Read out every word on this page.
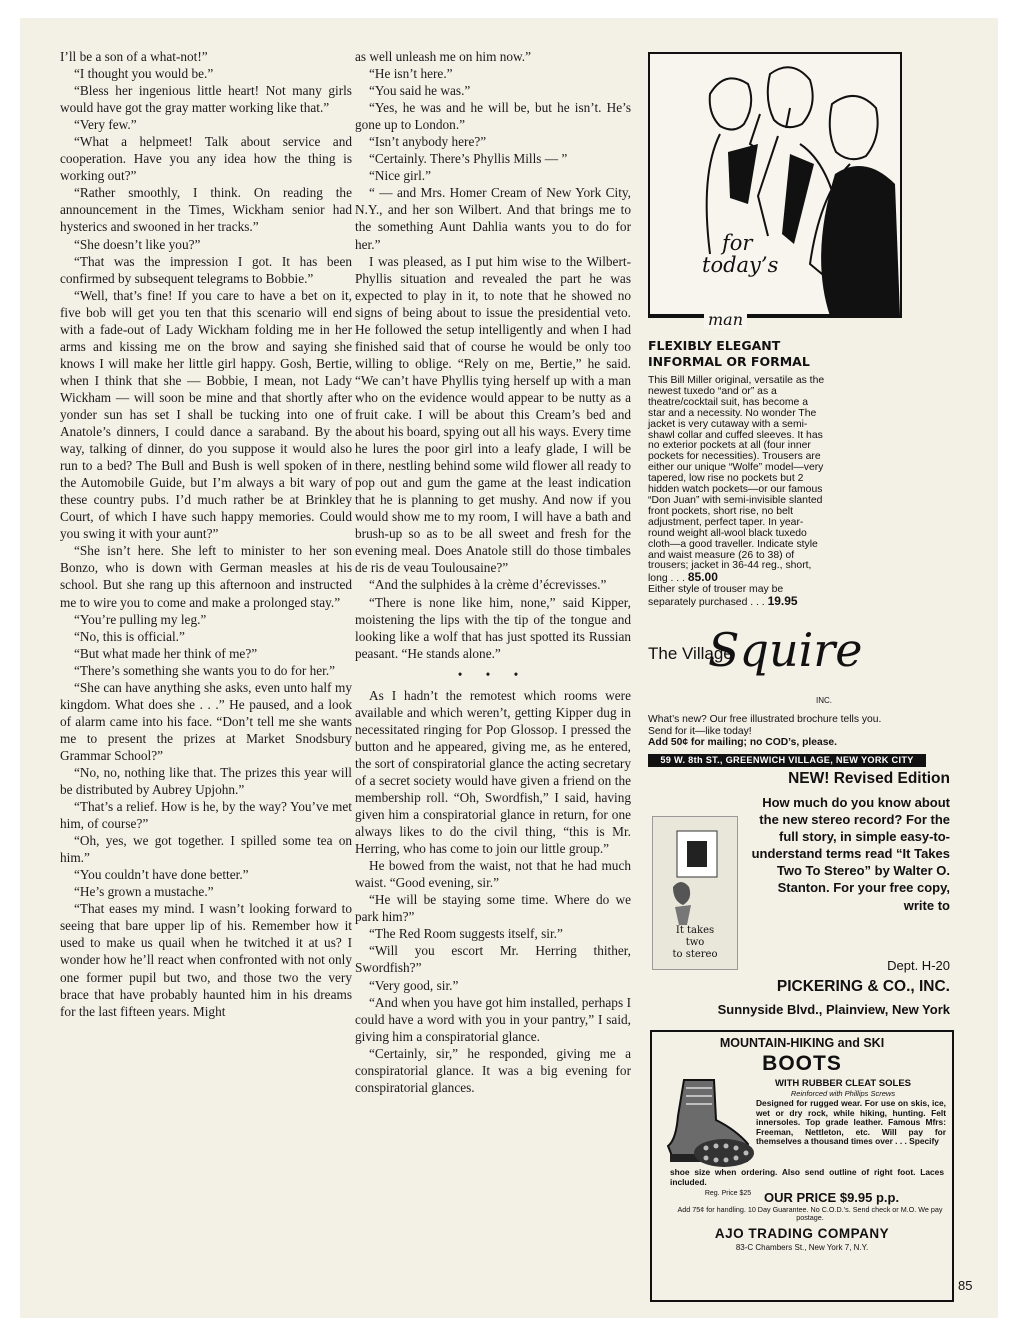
I’ll be a son of a what-not!”

“I thought you would be.”

“Bless her ingenious little heart! Not many girls would have got the gray matter working like that.”

“Very few.”

“What a helpmeet! Talk about service and cooperation. Have you any idea how the thing is working out?”

“Rather smoothly, I think. On reading the announcement in the Times, Wickham senior had hysterics and swooned in her tracks.”

“She doesn’t like you?”

“That was the impression I got. It has been confirmed by subsequent telegrams to Bobbie.”

“Well, that’s fine! If you care to have a bet on it, five bob will get you ten that this scenario will end with a fade-out of Lady Wickham folding me in her arms and kissing me on the brow and saying she knows I will make her little girl happy. Gosh, Bertie, when I think that she — Bobbie, I mean, not Lady Wickham — will soon be mine and that shortly after yonder sun has set I shall be tucking into one of Anatole’s dinners, I could dance a saraband. By the way, talking of dinner, do you suppose it would also run to a bed? The Bull and Bush is well spoken of in the Automobile Guide, but I’m always a bit wary of these country pubs. I’d much rather be at Brinkley Court, of which I have such happy memories. Could you swing it with your aunt?”

“She isn’t here. She left to minister to her son Bonzo, who is down with German measles at his school. But she rang up this afternoon and instructed me to wire you to come and make a prolonged stay.”

“You’re pulling my leg.”

“No, this is official.”

“But what made her think of me?”

“There’s something she wants you to do for her.”

“She can have anything she asks, even unto half my kingdom. What does she . . .” He paused, and a look of alarm came into his face. “Don’t tell me she wants me to present the prizes at Market Snodsbury Grammar School?”

“No, no, nothing like that. The prizes this year will be distributed by Aubrey Upjohn.”

“That’s a relief. How is he, by the way? You’ve met him, of course?”

“Oh, yes, we got together. I spilled some tea on him.”

“You couldn’t have done better.”

“He’s grown a mustache.”

“That eases my mind. I wasn’t looking forward to seeing that bare upper lip of his. Remember how it used to make us quail when he twitched it at us? I wonder how he’ll react when confronted with not only one former pupil but two, and those two the very brace that have probably haunted him in his dreams for the last fifteen years. Might

as well unleash me on him now.”

“He isn’t here.”

“You said he was.”

“Yes, he was and he will be, but he isn’t. He’s gone up to London.”

“Isn’t anybody here?”

“Certainly. There’s Phyllis Mills — ”

“Nice girl.”

“ — and Mrs. Homer Cream of New York City, N.Y., and her son Wilbert. And that brings me to the something Aunt Dahlia wants you to do for her.”

I was pleased, as I put him wise to the Wilbert-Phyllis situation and revealed the part he was expected to play in it, to note that he showed no signs of being about to issue the presidential veto. He followed the setup intelligently and when I had finished said that of course he would be only too willing to oblige. “Rely on me, Bertie,” he said. “We can’t have Phyllis tying herself up with a man who on the evidence would appear to be nutty as a fruit cake. I will be about this Cream’s bed and about his board, spying out all his ways. Every time he lures the poor girl into a leafy glade, I will be there, nestling behind some wild flower all ready to pop out and gum the game at the least indication that he is planning to get mushy. And now if you would show me to my room, I will have a bath and brush-up so as to be all sweet and fresh for the evening meal. Does Anatole still do those timbales de ris de veau Toulousaine?”

“And the sulphides à la crème d’écrevisses.”

“There is none like him, none,” said Kipper, moistening the lips with the tip of the tongue and looking like a wolf that has just spotted its Russian peasant. “He stands alone.”

• • •

As I hadn’t the remotest which rooms were available and which weren’t, getting Kipper dug in necessitated ringing for Pop Glossop. I pressed the button and he appeared, giving me, as he entered, the sort of conspiratorial glance the acting secretary of a secret society would have given a friend on the membership roll. “Oh, Swordfish,” I said, having given him a conspiratorial glance in return, for one always likes to do the civil thing, “this is Mr. Herring, who has come to join our little group.”

He bowed from the waist, not that he had much waist. “Good evening, sir.”

“He will be staying some time. Where do we park him?”

“The Red Room suggests itself, sir.”

“Will you escort Mr. Herring thither, Swordfish?”

“Very good, sir.”

“And when you have got him installed, perhaps I could have a word with you in your pantry,” I said, giving him a conspiratorial glance.

“Certainly, sir,” he responded, giving me a conspiratorial glance. It was a big evening for conspiratorial glances.

for
today’s
man
FLEXIBLY ELEGANT
INFORMAL OR FORMAL
This Bill Miller original, versatile as the newest tuxedo “and or” as a theatre/cocktail suit, has become a star and a necessity. No wonder The jacket is very cutaway with a semi-shawl collar and cuffed sleeves. It has no exterior pockets at all (four inner pockets for necessities). Trousers are either our unique “Wolfe” model—very tapered, low rise no pockets but 2 hidden watch pockets—or our famous “Don Juan” with semi-invisible slanted front pockets, short rise, no belt adjustment, perfect taper. In year-round weight all-wool black tuxedo cloth—a good traveller. Indicate style and waist measure (26 to 38) of trousers; jacket in 36-44 reg., short, long . . . 85.00
Either style of trouser may be separately purchased . . . 19.95
The Village
Squire
INC.
What’s new? Our free illustrated brochure tells you. Send for it—like today!
Add 50¢ for mailing; no COD’s, please.
59 W. 8th ST., GREENWICH VILLAGE, NEW YORK CITY
It takes
two
to stereo
NEW! Revised Edition
How much do you know about the new stereo record? For the full story, in simple easy-to-understand terms read “It Takes Two To Stereo” by Walter O. Stanton. For your free copy, write to
Dept. H-20
PICKERING & CO., INC.
Sunnyside Blvd., Plainview, New York
MOUNTAIN-HIKING and SKI
BOOTS
WITH RUBBER CLEAT SOLES
Reinforced with Phillips Screws
Designed for rugged wear. For use on skis, ice, wet or dry rock, while hiking, hunting. Felt innersoles. Top grade leather. Famous Mfrs: Freeman, Nettleton, etc. Will pay for themselves a thousand times over . . . Specify
shoe size when ordering. Also send outline of right foot. Laces included.
Reg. Price $25 OUR PRICE $9.95 p.p.
Add 75¢ for handling. 10 Day Guarantee. No C.O.D.’s. Send check or M.O. We pay postage.
AJO TRADING COMPANY
83-C Chambers St., New York 7, N.Y.
85
